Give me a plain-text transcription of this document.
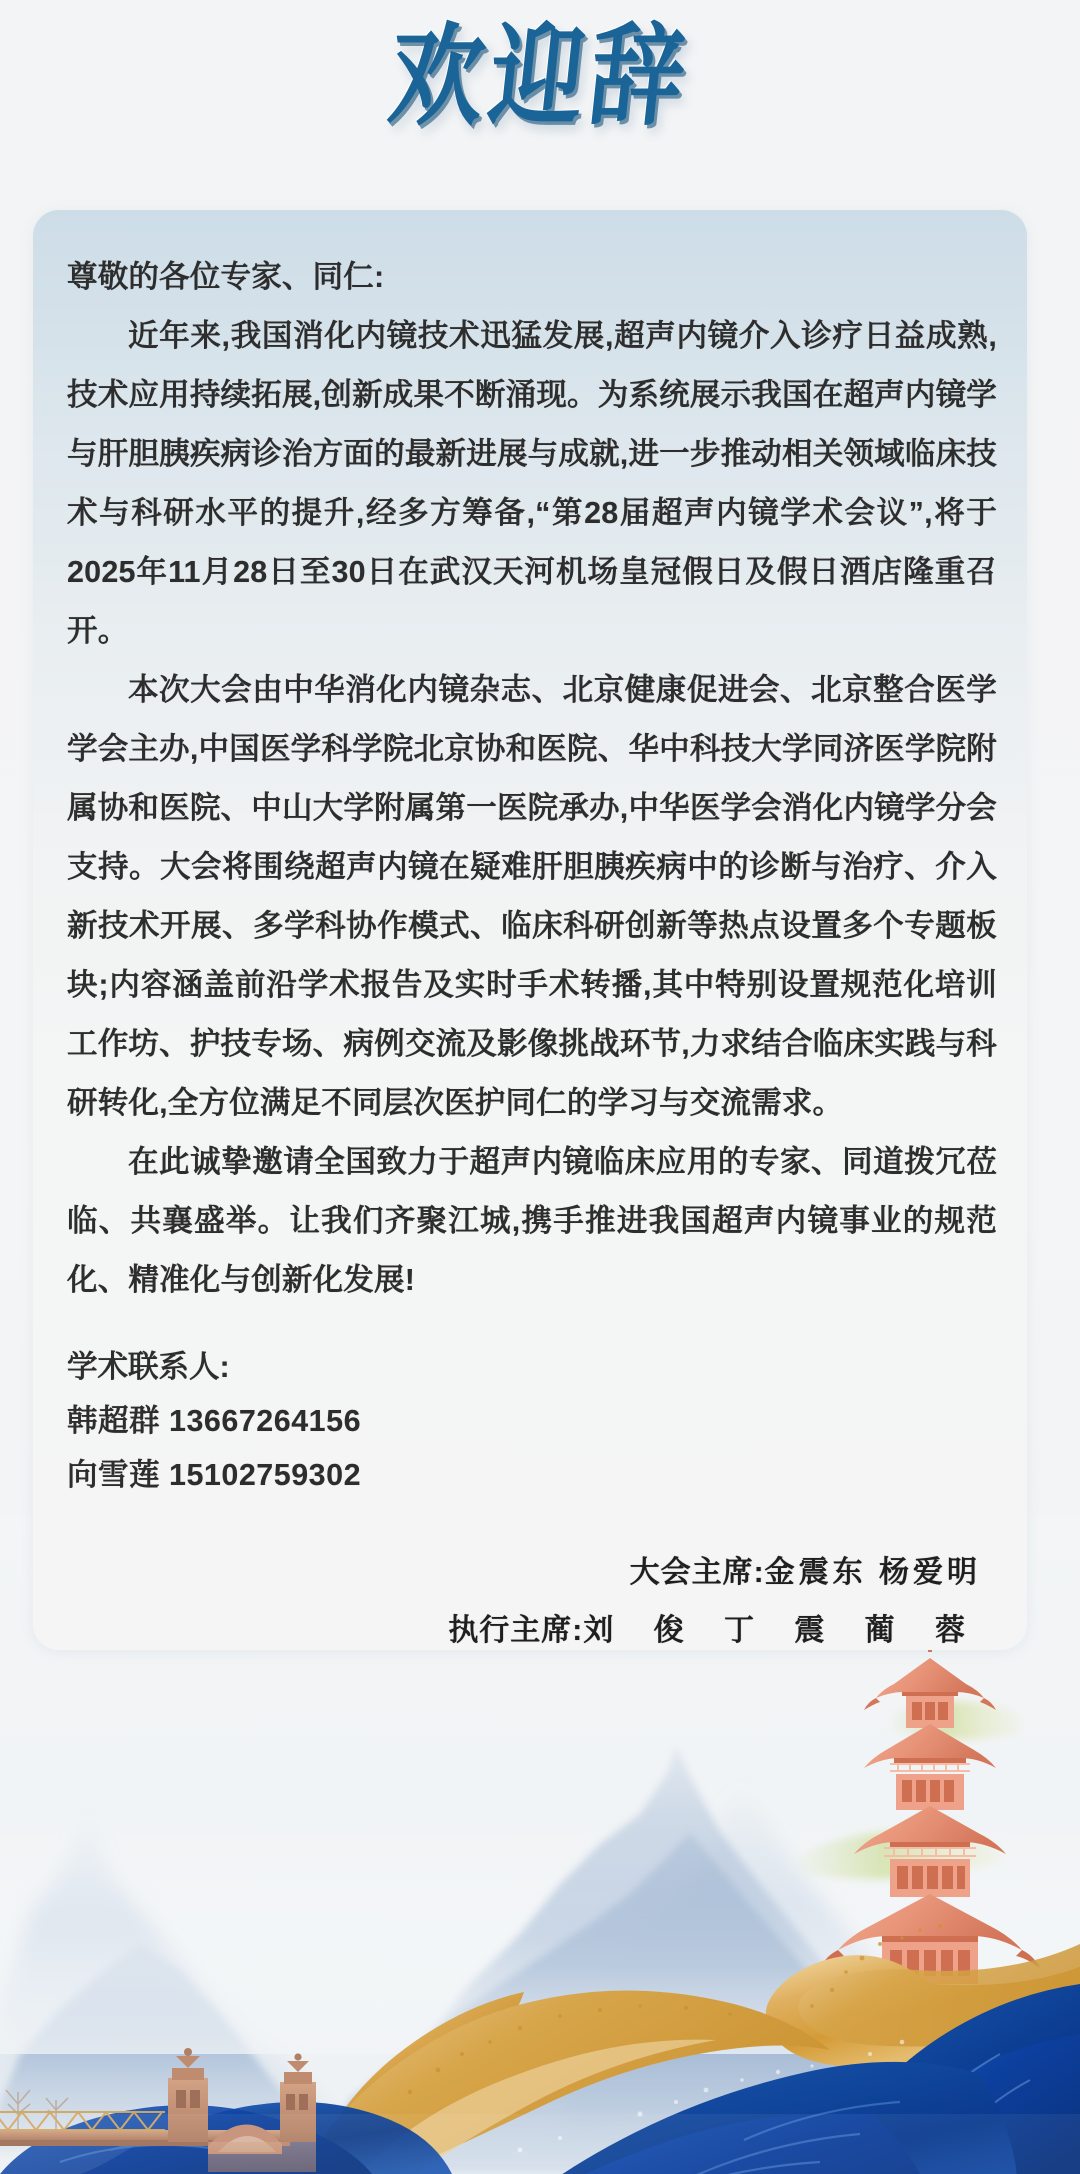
欢迎辞

尊敬的各位专家、同仁:

近年来,我国消化内镜技术迅猛发展,超声内镜介入诊疗日益成熟,技术应用持续拓展,创新成果不断涌现。为系统展示我国在超声内镜学与肝胆胰疾病诊治方面的最新进展与成就,进一步推动相关领域临床技术与科研水平的提升,经多方筹备,“第28届超声内镜学术会议”,将于2025年11月28日至30日在武汉天河机场皇冠假日及假日酒店隆重召开。

本次大会由中华消化内镜杂志、北京健康促进会、北京整合医学学会主办,中国医学科学院北京协和医院、华中科技大学同济医学院附属协和医院、中山大学附属第一医院承办,中华医学会消化内镜学分会支持。大会将围绕超声内镜在疑难肝胆胰疾病中的诊断与治疗、介入新技术开展、多学科协作模式、临床科研创新等热点设置多个专题板块;内容涵盖前沿学术报告及实时手术转播,其中特别设置规范化培训工作坊、护技专场、病例交流及影像挑战环节,力求结合临床实践与科研转化,全方位满足不同层次医护同仁的学习与交流需求。

在此诚挚邀请全国致力于超声内镜临床应用的专家、同道拨冗莅临、共襄盛举。让我们齐聚江城,携手推进我国超声内镜事业的规范化、精准化与创新化发展!

学术联系人:

韩超群 13667264156

向雪莲 15102759302

大会主席:金震东 杨爱明
执行主席:刘 俊 丁 震 蔺 蓉
